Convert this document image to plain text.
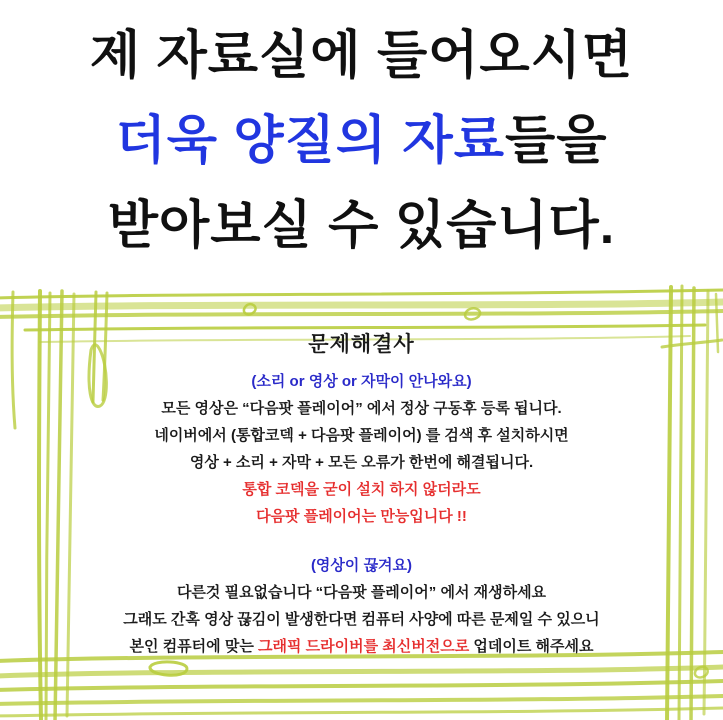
제 자료실에 들어오시면
더욱 양질의 자료들을
받아보실 수 있습니다.
문제해결사
(소리 or 영상 or 자막이 안나와요)
모든 영상은 “다음팟 플레이어” 에서 정상 구동후 등록 됩니다.
네이버에서 (통합코덱 + 다음팟 플레이어) 를 검색 후 설치하시면
영상 + 소리 + 자막 + 모든 오류가 한번에 해결됩니다.
통합 코덱을 굳이 설치 하지 않더라도
다음팟 플레이어는 만능입니다 !!
(영상이 끊겨요)
다른것 필요없습니다 “다음팟 플레이어” 에서 재생하세요
그래도 간혹 영상 끊김이 발생한다면 컴퓨터 사양에 따른 문제일 수 있으니
본인 컴퓨터에 맞는 그래픽 드라이버를 최신버전으로 업데이트 해주세요
